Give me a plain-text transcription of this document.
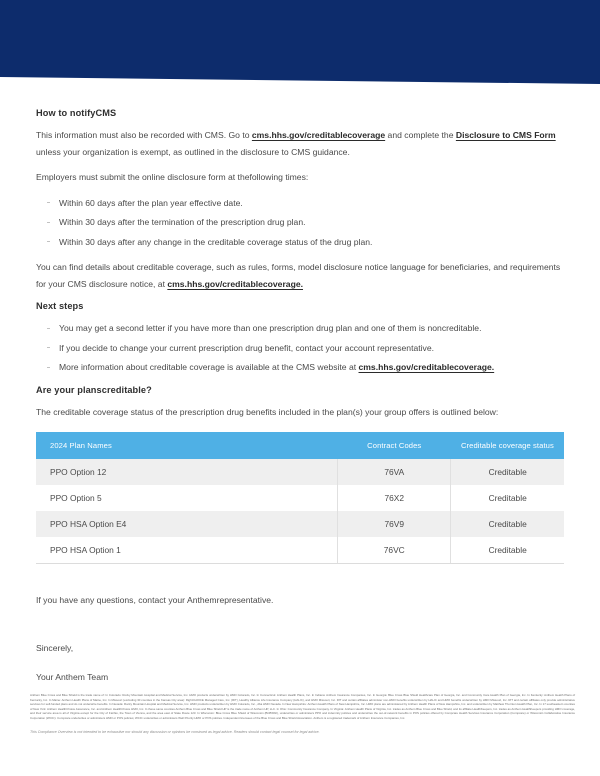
How to notifyCMS

This information must also be recorded with CMS. Go to cms.hhs.gov/creditablecoverage and complete the Disclosure to CMS Form unless your organization is exempt, as outlined in the disclosure to CMS guidance.

Employers must submit the online disclosure form at thefollowing times:

Within 60 days after the plan year effective date.
Within 30 days after the termination of the prescription drug plan.
Within 30 days after any change in the creditable coverage status of the drug plan.

You can find details about creditable coverage, such as rules, forms, model disclosure notice language for beneficiaries, and requirements for your CMS disclosure notice, at cms.hhs.gov/creditablecoverage.

Next steps
You may get a second letter if you have more than one prescription drug plan and one of them is noncreditable.
If you decide to change your current prescription drug benefit, contact your account representative.
More information about creditable coverage is available at the CMS website at cms.hhs.gov/creditablecoverage.
Are your planscreditable?

The creditable coverage status of the prescription drug benefits included in the plan(s) your group offers is outlined below:

2024 Plan Names	Contract Codes	Creditable coverage status
PPO Option 12	76VA	Creditable
PPO Option 5	76X2	Creditable
PPO HSA Option E4	76V9	Creditable
PPO HSA Option 1	76VC	Creditable

If you have any questions, contact your Anthemrepresentative.

Sincerely,

Your Anthem Team

Anthem Blue Cross and Blue Shield is the trade name of: In Colorado: Rocky Mountain Hospital and Medical Service, Inc. HMO products underwritten by HMO Colorado, Inc. In Connecticut: Anthem Health Plans, Inc. In Indiana: Anthem Insurance Companies, Inc. In Georgia: Blue Cross Blue Shield Healthcare Plan of Georgia, Inc. and Community Care Health Plan of Georgia, Inc. In Kentucky: Anthem Health Plans of Kentucky, Inc. In Maine: Anthem Health Plans of Maine, Inc. In Missouri (excluding 30 counties in the Kansas City area): RightCHOICE Managed Care, Inc. (RIT), Healthy Alliance Life Insurance Company (HALIC), and HMO Missouri, Inc. RIT and certain affiliates administer non-HMO benefits underwritten by HALIC and HMO benefits underwritten by HMO Missouri, Inc. RIT and certain affiliates only provide administrative services for self-funded plans and do not underwrite benefits. In Nevada: Rocky Mountain Hospital and Medical Service, Inc. HMO products underwritten by HMO Colorado, Inc., dba HMO Nevada. In New Hampshire: Anthem Health Plans of New Hampshire, Inc. HMO plans are administered by Anthem Health Plans of New Hampshire, Inc. and underwritten by Matthew Thornton Health Plan, Inc. In 17 southeastern counties of New York: Anthem HealthChoice Assurance, Inc. and Anthem HealthChoice HMO, Inc. In these same counties Anthem Blue Cross and Blue Shield HP is the trade name of Anthem HP, LLC. In Ohio: Community Insurance Company. In Virginia: Anthem Health Plans of Virginia, Inc. trades as Anthem Blue Cross and Blue Shield, and its affiliate HealthKeepers, Inc. trades as Anthem HealthKeepers providing HMO coverage, and their service area is all of Virginia except for the City of Fairfax, the Town of Vienna, and the area east of State Route 123. In Wisconsin: Blue Cross Blue Shield of Wisconsin (BCBSWI), underwrites or administers PPO and indemnity policies and underwrites the out-of-network benefits in POS policies offered by Compcare Health Services Insurance Corporation (Compcare) or Wisconsin Collaborative Insurance Corporation (WCIC). Compcare underwrites or administers HMO or POS policies; WCIC underwrites or administers Well Priority HMO or POS policies. Independent licensees of the Blue Cross and Blue Shield Association. Anthem is a registered trademark of Anthem Insurance Companies, Inc.

This Compliance Overview is not intended to be exhaustive nor should any discussion or opinions be construed as legal advice. Readers should contact legal counsel for legal advice.
